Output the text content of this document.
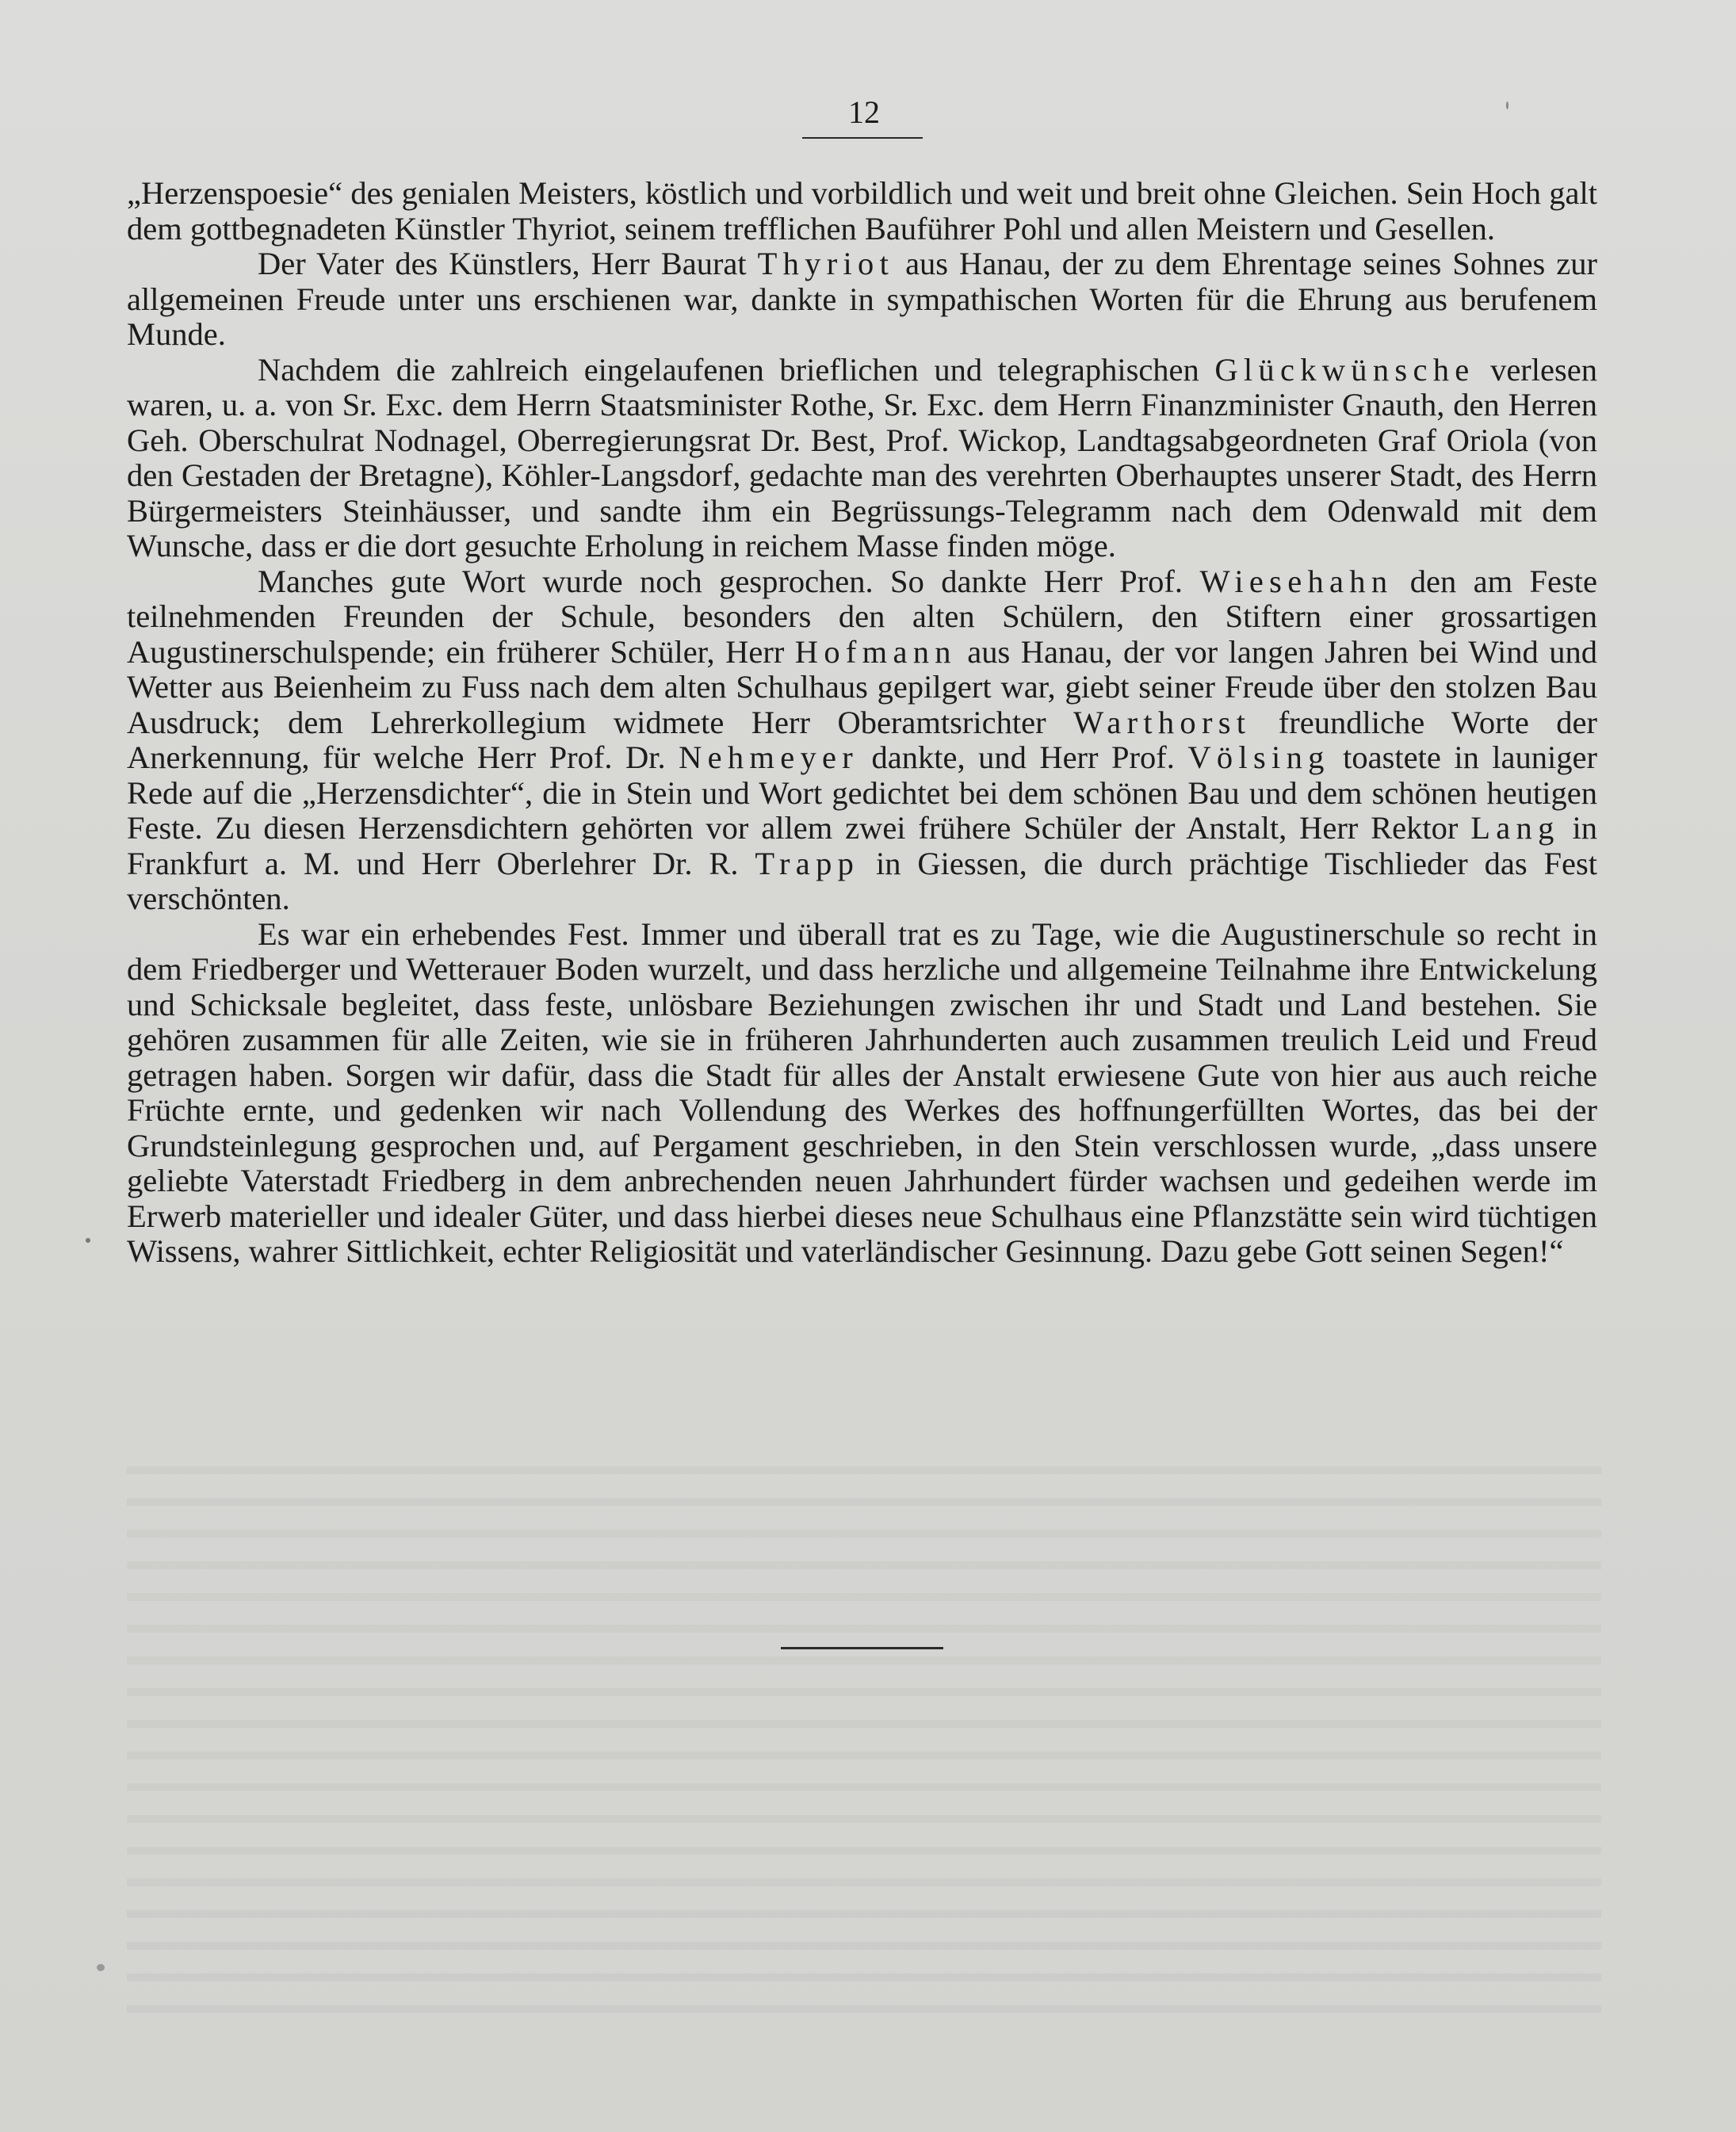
12

„Herzenspoesie“ des genialen Meisters, köstlich und vorbildlich und weit und breit ohne Gleichen. Sein Hoch galt dem gottbegnadeten Künstler Thyriot, seinem trefflichen Bauführer Pohl und allen Meistern und Gesellen.

Der Vater des Künstlers, Herr Baurat Thyriot aus Hanau, der zu dem Ehrentage seines Sohnes zur allgemeinen Freude unter uns erschienen war, dankte in sympathischen Worten für die Ehrung aus berufenem Munde.

Nachdem die zahlreich eingelaufenen brieflichen und telegraphischen Glückwünsche verlesen waren, u. a. von Sr. Exc. dem Herrn Staatsminister Rothe, Sr. Exc. dem Herrn Finanzminister Gnauth, den Herren Geh. Oberschulrat Nodnagel, Oberregierungsrat Dr. Best, Prof. Wickop, Landtagsabgeordneten Graf Oriola (von den Gestaden der Bretagne), Köhler-Langsdorf, gedachte man des verehrten Oberhauptes unserer Stadt, des Herrn Bürgermeisters Steinhäusser, und sandte ihm ein Begrüssungs-Telegramm nach dem Odenwald mit dem Wunsche, dass er die dort gesuchte Erholung in reichem Masse finden möge.

Manches gute Wort wurde noch gesprochen. So dankte Herr Prof. Wiesehahn den am Feste teilnehmenden Freunden der Schule, besonders den alten Schülern, den Stiftern einer grossartigen Augustinerschulspende; ein früherer Schüler, Herr Hofmann aus Hanau, der vor langen Jahren bei Wind und Wetter aus Beienheim zu Fuss nach dem alten Schulhaus gepilgert war, giebt seiner Freude über den stolzen Bau Ausdruck; dem Lehrerkollegium widmete Herr Oberamtsrichter Warthorst freundliche Worte der Anerkennung, für welche Herr Prof. Dr. Nehmeyer dankte, und Herr Prof. Völsing toastete in launiger Rede auf die „Herzensdichter“, die in Stein und Wort gedichtet bei dem schönen Bau und dem schönen heutigen Feste. Zu diesen Herzensdichtern gehörten vor allem zwei frühere Schüler der Anstalt, Herr Rektor Lang in Frankfurt a. M. und Herr Oberlehrer Dr. R. Trapp in Giessen, die durch prächtige Tischlieder das Fest verschönten.

Es war ein erhebendes Fest. Immer und überall trat es zu Tage, wie die Augustinerschule so recht in dem Friedberger und Wetterauer Boden wurzelt, und dass herzliche und allgemeine Teilnahme ihre Entwickelung und Schicksale begleitet, dass feste, unlösbare Beziehungen zwischen ihr und Stadt und Land bestehen. Sie gehören zusammen für alle Zeiten, wie sie in früheren Jahrhunderten auch zusammen treulich Leid und Freud getragen haben. Sorgen wir dafür, dass die Stadt für alles der Anstalt erwiesene Gute von hier aus auch reiche Früchte ernte, und gedenken wir nach Vollendung des Werkes des hoffnungerfüllten Wortes, das bei der Grundsteinlegung gesprochen und, auf Pergament geschrieben, in den Stein verschlossen wurde, „dass unsere geliebte Vaterstadt Friedberg in dem anbrechenden neuen Jahrhundert fürder wachsen und gedeihen werde im Erwerb materieller und idealer Güter, und dass hierbei dieses neue Schulhaus eine Pflanzstätte sein wird tüchtigen Wissens, wahrer Sittlichkeit, echter Religiosität und vaterländischer Gesinnung. Dazu gebe Gott seinen Segen!“
